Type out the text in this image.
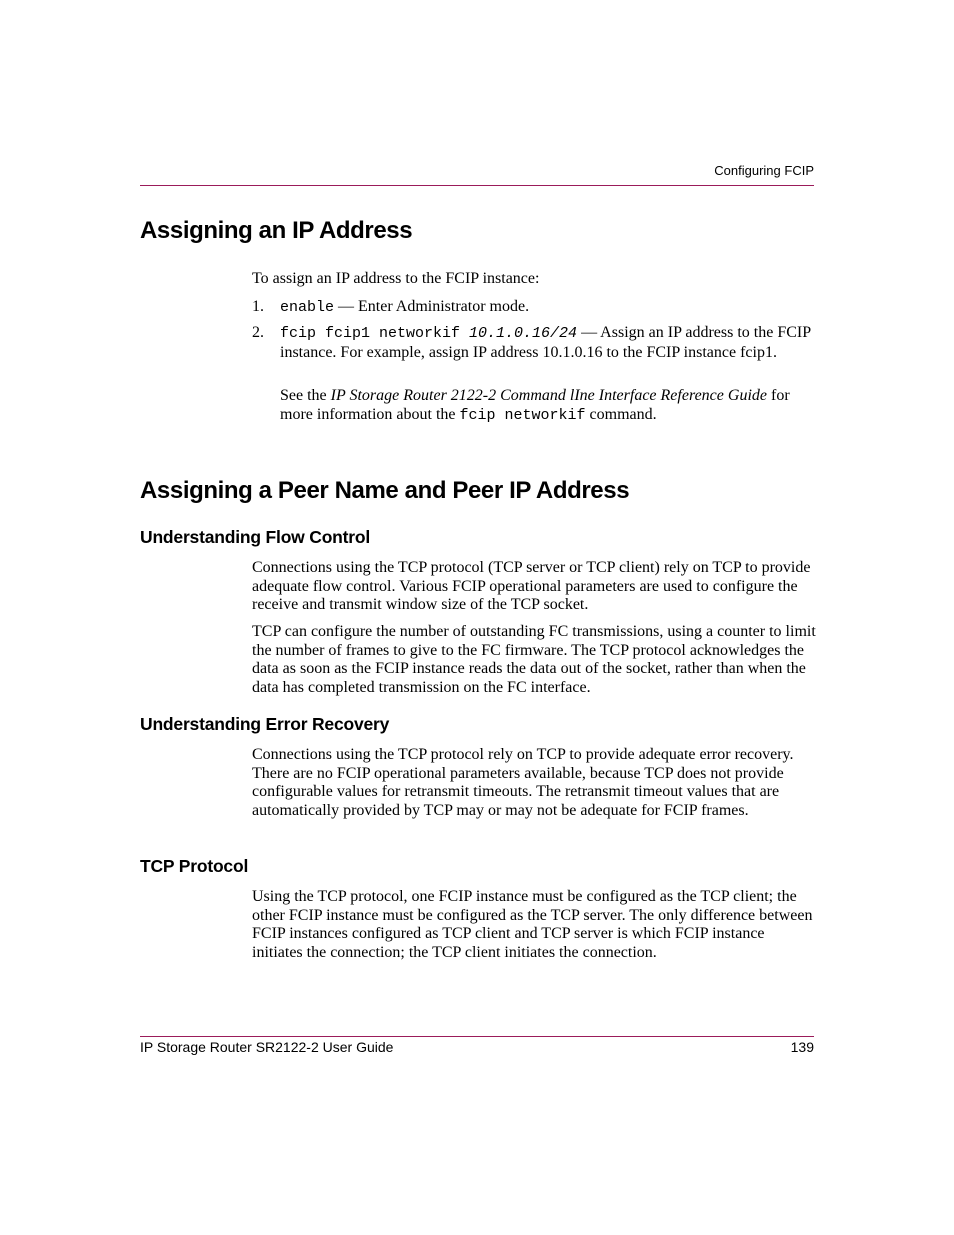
Configuring FCIP
Assigning an IP Address

To assign an IP address to the FCIP instance:

1. enable — Enter Administrator mode.

2. fcip fcip1 networkif 10.1.0.16/24 — Assign an IP address to the FCIP instance. For example, assign IP address 10.1.0.16 to the FCIP instance fcip1.

See the IP Storage Router 2122-2 Command lIne Interface Reference Guide for more information about the fcip networkif command.

Assigning a Peer Name and Peer IP Address
Understanding Flow Control

Connections using the TCP protocol (TCP server or TCP client) rely on TCP to provide adequate flow control. Various FCIP operational parameters are used to configure the receive and transmit window size of the TCP socket.

TCP can configure the number of outstanding FC transmissions, using a counter to limit the number of frames to give to the FC firmware. The TCP protocol acknowledges the data as soon as the FCIP instance reads the data out of the socket, rather than when the data has completed transmission on the FC interface.

Understanding Error Recovery

Connections using the TCP protocol rely on TCP to provide adequate error recovery. There are no FCIP operational parameters available, because TCP does not provide configurable values for retransmit timeouts. The retransmit timeout values that are automatically provided by TCP may or may not be adequate for FCIP frames.

TCP Protocol

Using the TCP protocol, one FCIP instance must be configured as the TCP client; the other FCIP instance must be configured as the TCP server. The only difference between FCIP instances configured as TCP client and TCP server is which FCIP instance initiates the connection; the TCP client initiates the connection.

IP Storage Router SR2122-2 User Guide	139
